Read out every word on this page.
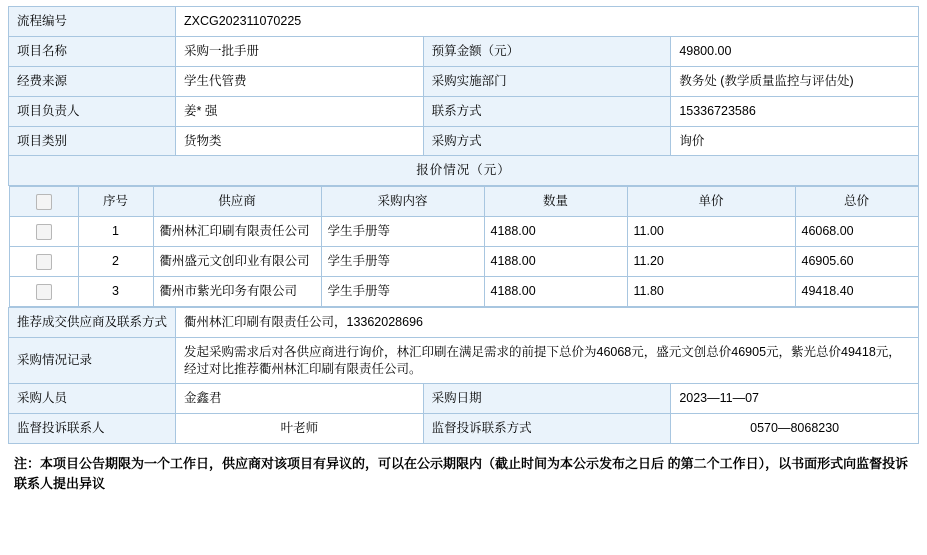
流程编号	ZXCG202311070225
项目名称	采购一批手册	预算金额（元）	49800.00
经费来源	学生代管费	采购实施部门	教务处 (教学质量监控与评估处)
项目负责人	姜* 强	联系方式	15336723586
项目类别	货物类	采购方式	询价
报价情况（元）

	序号	供应商	采购内容	数量	单价	总价
	1	衢州林汇印刷有限责任公司	学生手册等	4188.00	11.00	46068.00
	2	衢州盛元文创印业有限公司	学生手册等	4188.00	11.20	46905.60
	3	衢州市紫光印务有限公司	学生手册等	4188.00	11.80	49418.40

推荐成交供应商及联系方式	衢州林汇印刷有限责任公司，13362028696
采购情况记录	发起采购需求后对各供应商进行询价，林汇印刷在满足需求的前提下总价为46068元，盛元文创总价46905元，紫光总价49418元，经过对比推荐衢州林汇印刷有限责任公司。
采购人员	金鑫君	采购日期	2023—11—07
监督投诉联系人	叶老师	监督投诉联系方式	0570—8068230
注：本项目公告期限为一个工作日，供应商对该项目有异议的，可以在公示期限内（截止时间为本公示发布之日后 的第二个工作日），以书面形式向监督投诉联系人提出异议
